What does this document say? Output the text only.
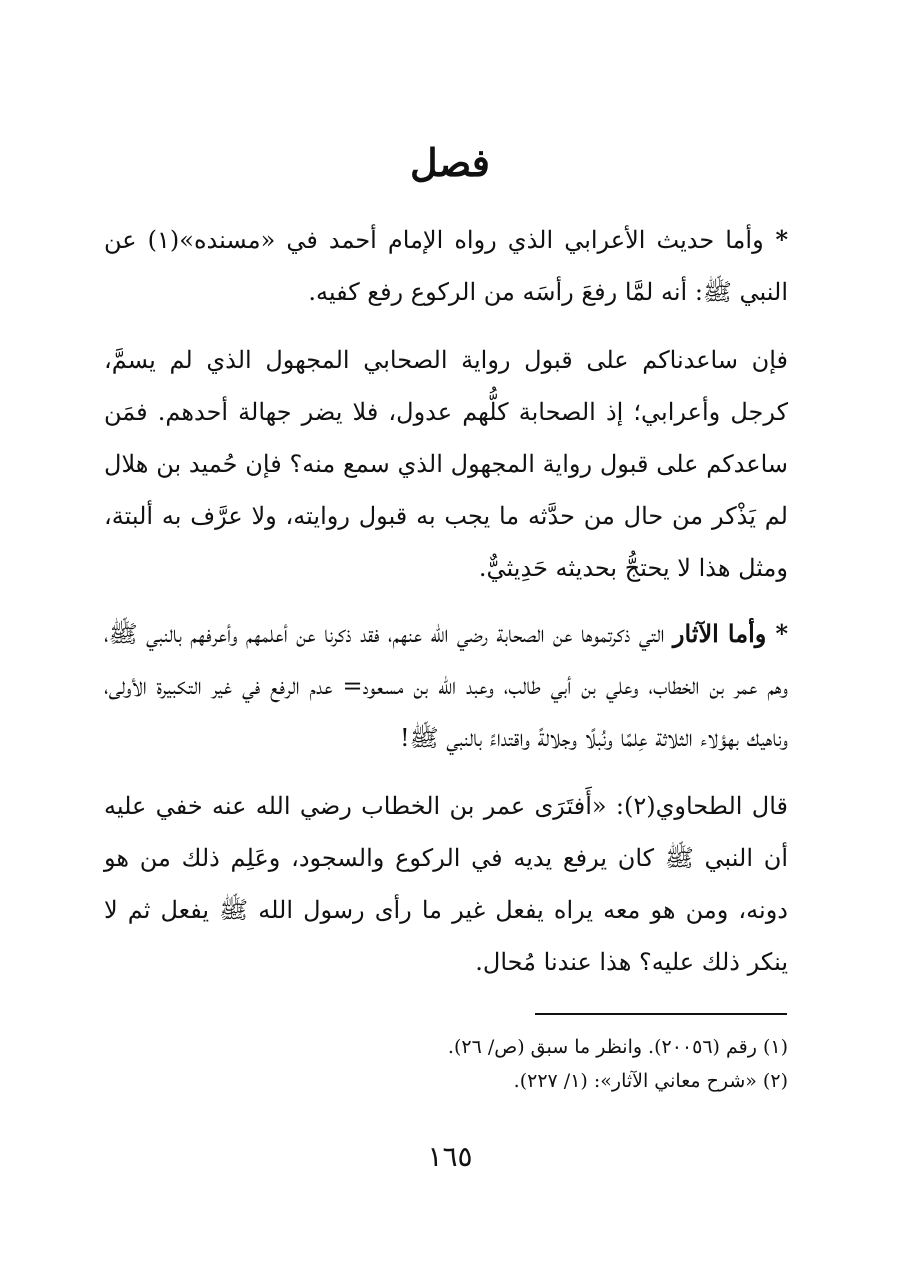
فصل

* وأما حديث الأعرابي الذي رواه الإمام أحمد في «مسنده»(١) عن النبي ﷺ: أنه لمَّا رفعَ رأسَه من الركوع رفع كفيه.

فإن ساعدناكم على قبول رواية الصحابي المجهول الذي لم يسمَّ، كرجل وأعرابي؛ إذ الصحابة كلُّهم عدول، فلا يضر جهالة أحدهم. فمَن ساعدكم على قبول رواية المجهول الذي سمع منه؟ فإن حُميد بن هلال لم يَذْكر من حال من حدَّثه ما يجب به قبول روايته، ولا عرَّف به ألبتة، ومثل هذا لا يحتجُّ بحديثه حَدِيثيٌّ.

* وأما الآثار التي ذكرتموها عن الصحابة رضي الله عنهم، فقد ذكرنا عن أعلمهم وأعرفهم بالنبي ﷺ، وهم عمر بن الخطاب، وعلي بن أبي طالب، وعبد الله بن مسعود= عدم الرفع في غير التكبيرة الأولى، وناهيك بهؤلاء الثلاثة عِلمًا ونُبلًا وجلالةً واقتداءً بالنبي ﷺ!

قال الطحاوي(٢): «أَفتَرَى عمر بن الخطاب رضي الله عنه خفي عليه أن النبي ﷺ كان يرفع يديه في الركوع والسجود، وعَلِم ذلك من هو دونه، ومن هو معه يراه يفعل غير ما رأى رسول الله ﷺ يفعل ثم لا ينكر ذلك عليه؟ هذا عندنا مُحال.

(١) رقم (٢٠٠٥٦). وانظر ما سبق (ص/ ٢٦).

(٢) «شرح معاني الآثار»: (١/ ٢٢٧).

١٦٥
